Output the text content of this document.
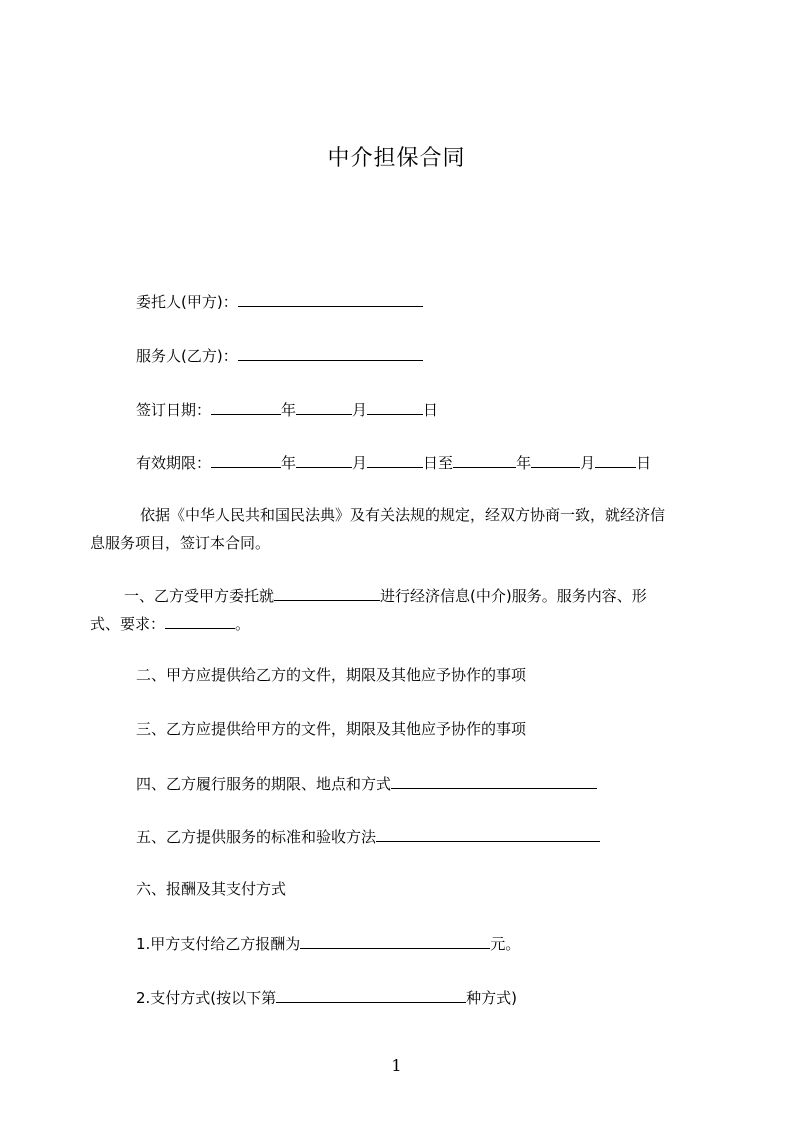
中介担保合同
委托人(甲方)：
服务人(乙方)：
签订日期：	年	月	日
有效期限：	年	月	日至	年	月	日
依据《中华人民共和国民法典》及有关法规的规定，经双方协商一致，就经济信
息服务项目，签订本合同。
一、乙方受甲方委托就	进行经济信息(中介)服务。服务内容、形
式、要求：	。
二、甲方应提供给乙方的文件，期限及其他应予协作的事项
三、乙方应提供给甲方的文件，期限及其他应予协作的事项
四、乙方履行服务的期限、地点和方式
五、乙方提供服务的标准和验收方法
六、报酬及其支付方式
1.甲方支付给乙方报酬为	元。
2.支付方式(按以下第	种方式)
1
